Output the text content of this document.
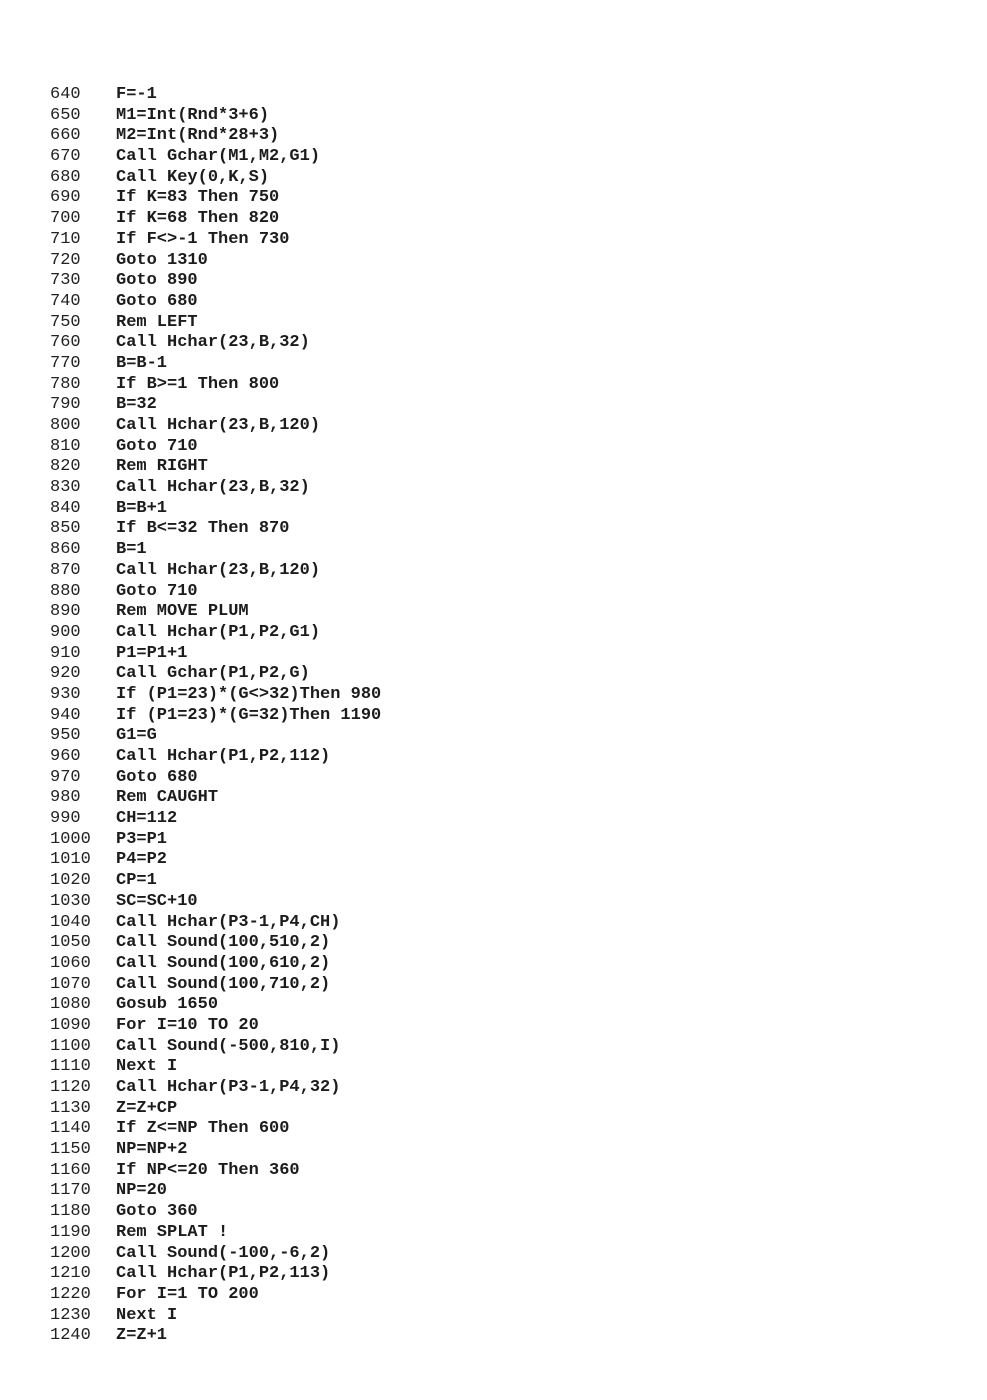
640 F=-1
650 M1=Int(Rnd*3+6)
660 M2=Int(Rnd*28+3)
670 Call Gchar(M1,M2,G1)
680 Call Key(0,K,S)
690 If K=83 Then 750
700 If K=68 Then 820
710 If F<>-1 Then 730
720 Goto 1310
730 Goto 890
740 Goto 680
750 Rem LEFT
760 Call Hchar(23,B,32)
770 B=B-1
780 If B>=1 Then 800
790 B=32
800 Call Hchar(23,B,120)
810 Goto 710
820 Rem RIGHT
830 Call Hchar(23,B,32)
840 B=B+1
850 If B<=32 Then 870
860 B=1
870 Call Hchar(23,B,120)
880 Goto 710
890 Rem MOVE PLUM
900 Call Hchar(P1,P2,G1)
910 P1=P1+1
920 Call Gchar(P1,P2,G)
930 If (P1=23)*(G<>32)Then 980
940 If (P1=23)*(G=32)Then 1190
950 G1=G
960 Call Hchar(P1,P2,112)
970 Goto 680
980 Rem CAUGHT
990 CH=112
1000 P3=P1
1010 P4=P2
1020 CP=1
1030 SC=SC+10
1040 Call Hchar(P3-1,P4,CH)
1050 Call Sound(100,510,2)
1060 Call Sound(100,610,2)
1070 Call Sound(100,710,2)
1080 Gosub 1650
1090 For I=10 TO 20
1100 Call Sound(-500,810,I)
1110 Next I
1120 Call Hchar(P3-1,P4,32)
1130 Z=Z+CP
1140 If Z<=NP Then 600
1150 NP=NP+2
1160 If NP<=20 Then 360
1170 NP=20
1180 Goto 360
1190 Rem SPLAT !
1200 Call Sound(-100,-6,2)
1210 Call Hchar(P1,P2,113)
1220 For I=1 TO 200
1230 Next I
1240 Z=Z+1
